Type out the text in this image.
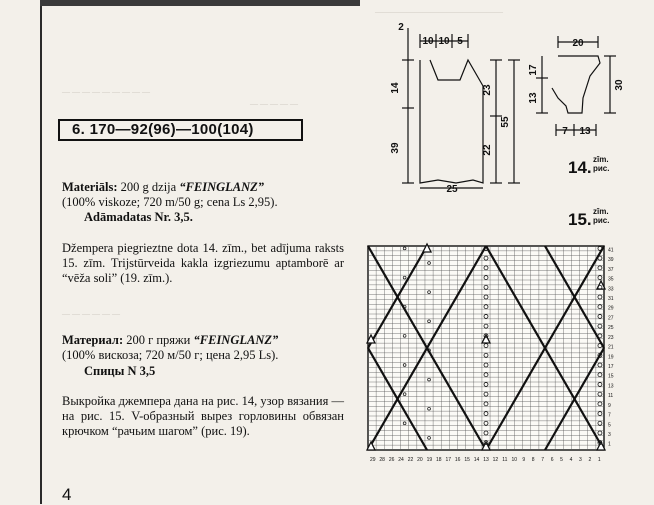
————————————————
— — — — — — — — —
— — — — —
— — — — — —
6. 170—92(96)—100(104)
Materiāls: 200 g dzija “FEINGLANZ”
(100% viskoze; 720 m/50 g; cena Ls 2,95).
Adāmadatas Nr. 3,5.
Džempera piegrieztne dota 14. zīm., bet adījuma raksts 15. zīm. Trijstūrveida kakla izgriezumu aptamborē ar “vēža soli” (19. zīm.).
Материал: 200 г пряжи “FEINGLANZ”
(100% вискоза; 720 м/50 г; цена 2,95 Ls).
Спицы N 3,5
Выкройка джемпера дана на рис. 14, узор вязания — на рис. 15. V-образный вырез горловины обвязан крючком “рачьим шагом” (рис. 19).
4
10 10 5
2
14
39
23
22
55
25
20
17
13
30
7 13
14. zīm.
рис.
15. zīm.
рис.
41
39
37
35
33
31
29
27
25
23
21
19
17
15
13
11
9
7
5
3
1
29 28 26 24 22 20 19 18 17 16 15 14 13 12 11 10 9 8 7 6 5 4 3 2 1
